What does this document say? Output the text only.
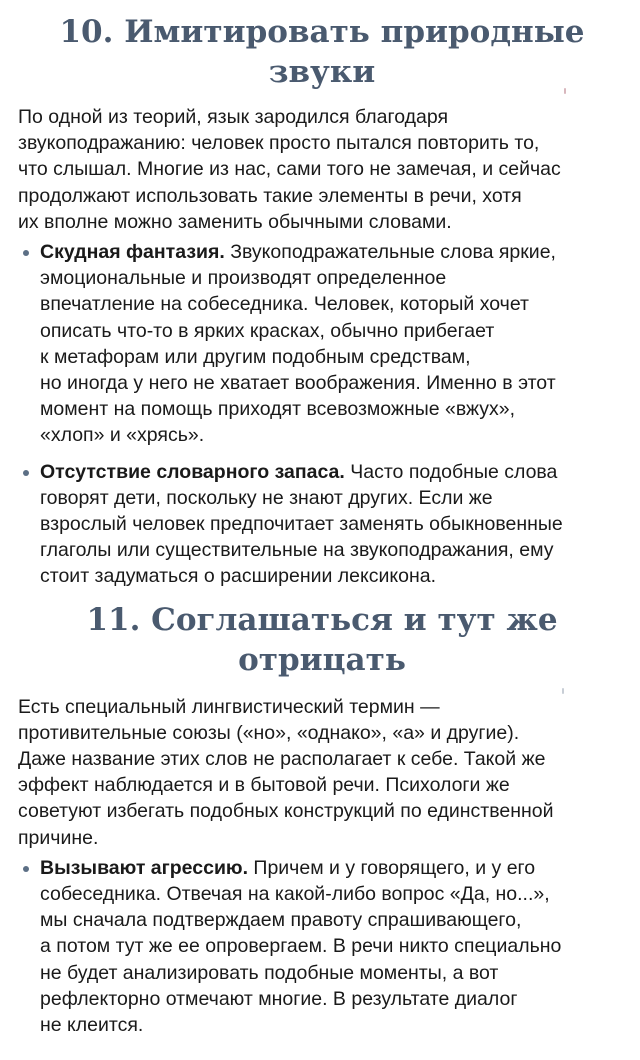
10. Имитировать природные
звуки

По одной из теорий, язык зародился благодаря
звукоподражанию: человек просто пытался повторить то,
что слышал. Многие из нас, сами того не замечая, и сейчас
продолжают использовать такие элементы в речи, хотя
их вполне можно заменить обычными словами.

Скудная фантазия. Звукоподражательные слова яркие,
эмоциональные и производят определенное
впечатление на собеседника. Человек, который хочет
описать что-то в ярких красках, обычно прибегает
к метафорам или другим подобным средствам,
но иногда у него не хватает воображения. Именно в этот
момент на помощь приходят всевозможные «вжух»,
«хлоп» и «хрясь».
Отсутствие словарного запаса. Часто подобные слова
говорят дети, поскольку не знают других. Если же
взрослый человек предпочитает заменять обыкновенные
глаголы или существительные на звукоподражания, ему
стоит задуматься о расширении лексикона.
11. Соглашаться и тут же
отрицать

Есть специальный лингвистический термин —
противительные союзы («но», «однако», «а» и другие).
Даже название этих слов не располагает к себе. Такой же
эффект наблюдается и в бытовой речи. Психологи же
советуют избегать подобных конструкций по единственной
причине.

Вызывают агрессию. Причем и у говорящего, и у его
собеседника. Отвечая на какой-либо вопрос «Да, но...»,
мы сначала подтверждаем правоту спрашивающего,
а потом тут же ее опровергаем. В речи никто специально
не будет анализировать подобные моменты, а вот
рефлекторно отмечают многие. В результате диалог
не клеится.
